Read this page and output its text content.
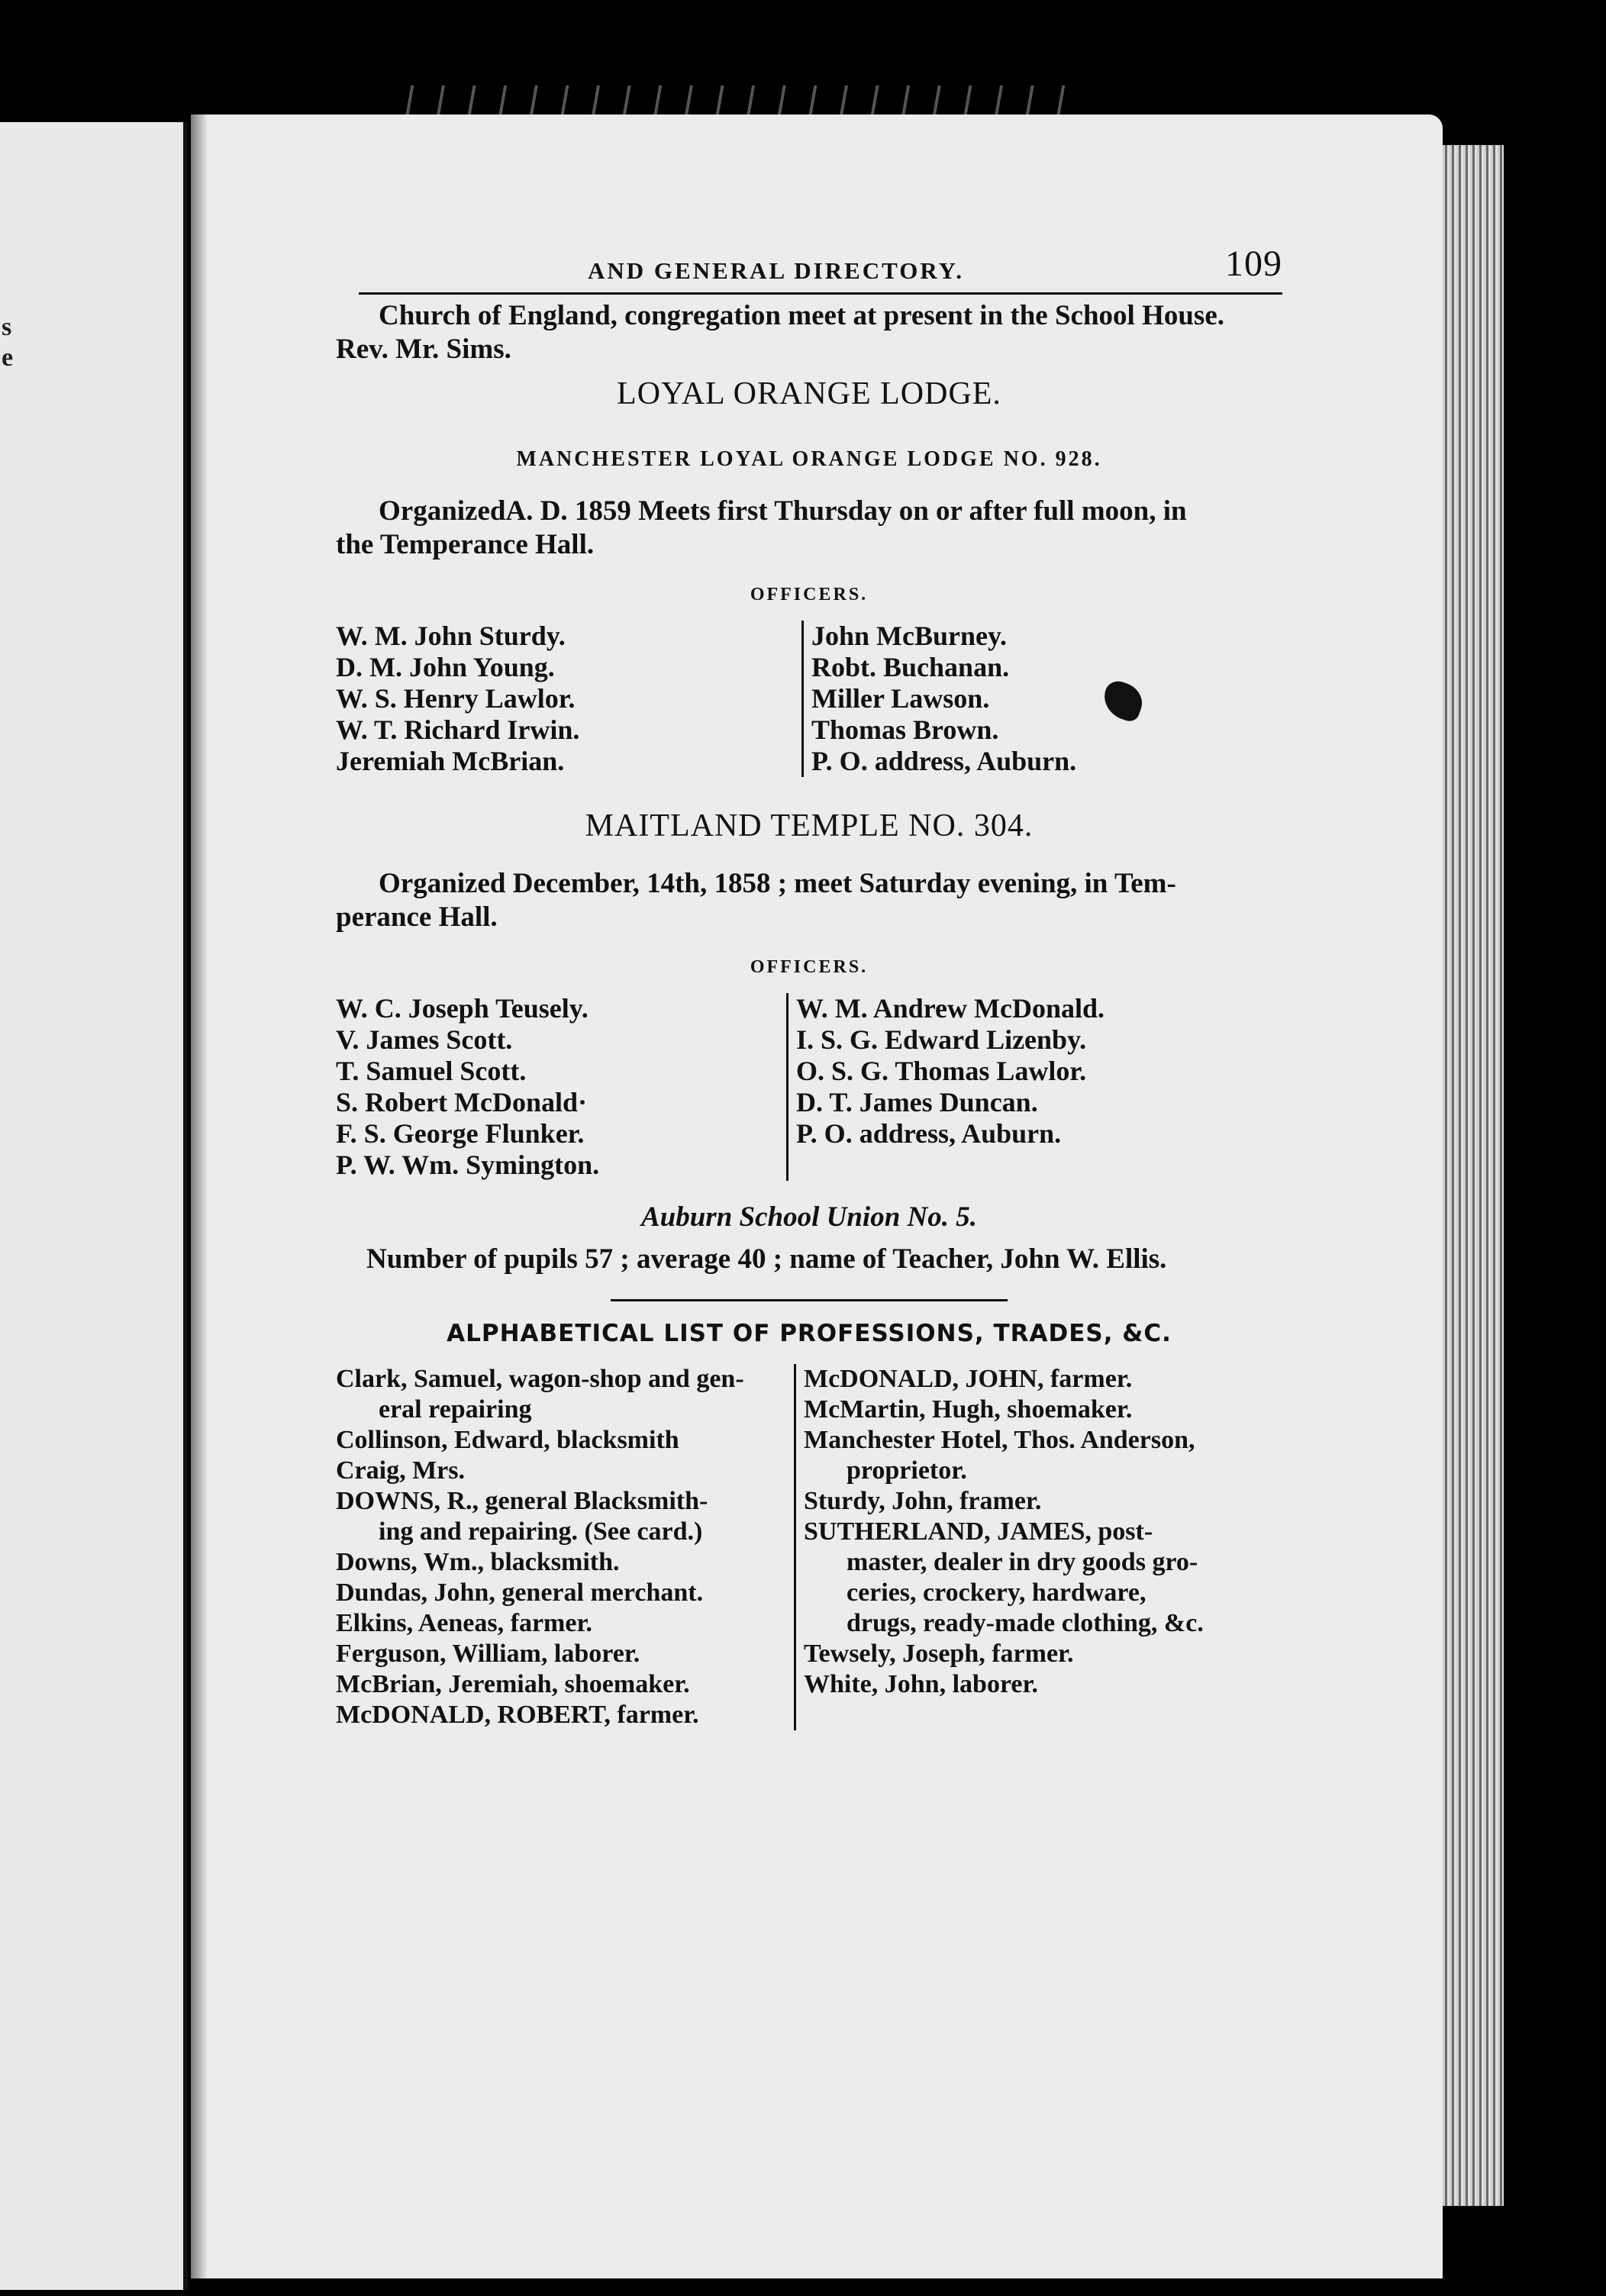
s
e
AND GENERAL DIRECTORY.	109

Church of England, congregation meet at present in the School House.

Rev. Mr. Sims.

LOYAL ORANGE LODGE.
MANCHESTER LOYAL ORANGE LODGE NO. 928.

OrganizedA. D. 1859 Meets first Thursday on or after full moon, in

the Temperance Hall.

OFFICERS.
W. M. John Sturdy.
D. M. John Young.
W. S. Henry Lawlor.
W. T. Richard Irwin.
Jeremiah McBrian.
John McBurney.
Robt. Buchanan.
Miller Lawson.
Thomas Brown.
P. O. address, Auburn.
MAITLAND TEMPLE NO. 304.

Organized December, 14th, 1858 ; meet Saturday evening, in Tem-

perance Hall.

OFFICERS.
W. C. Joseph Teusely.
V. James Scott.
T. Samuel Scott.
S. Robert McDonald·
F. S. George Flunker.
P. W. Wm. Symington.
W. M. Andrew McDonald.
I. S. G. Edward Lizenby.
O. S. G. Thomas Lawlor.
D. T. James Duncan.
P. O. address, Auburn.
Auburn School Union No. 5.

Number of pupils 57 ; average 40 ; name of Teacher, John W. Ellis.

ALPHABETICAL LIST OF PROFESSIONS, TRADES, &C.
Clark, Samuel, wagon-shop and gen-
eral repairing
Collinson, Edward, blacksmith
Craig, Mrs.
DOWNS, R., general Blacksmith-
ing and repairing. (See card.)
Downs, Wm., blacksmith.
Dundas, John, general merchant.
Elkins, Aeneas, farmer.
Ferguson, William, laborer.
McBrian, Jeremiah, shoemaker.
McDONALD, ROBERT, farmer.
McDONALD, JOHN, farmer.
McMartin, Hugh, shoemaker.
Manchester Hotel, Thos. Anderson,
proprietor.
Sturdy, John, framer.
SUTHERLAND, JAMES, post-
master, dealer in dry goods gro-
ceries, crockery, hardware,
drugs, ready-made clothing, &c.
Tewsely, Joseph, farmer.
White, John, laborer.
